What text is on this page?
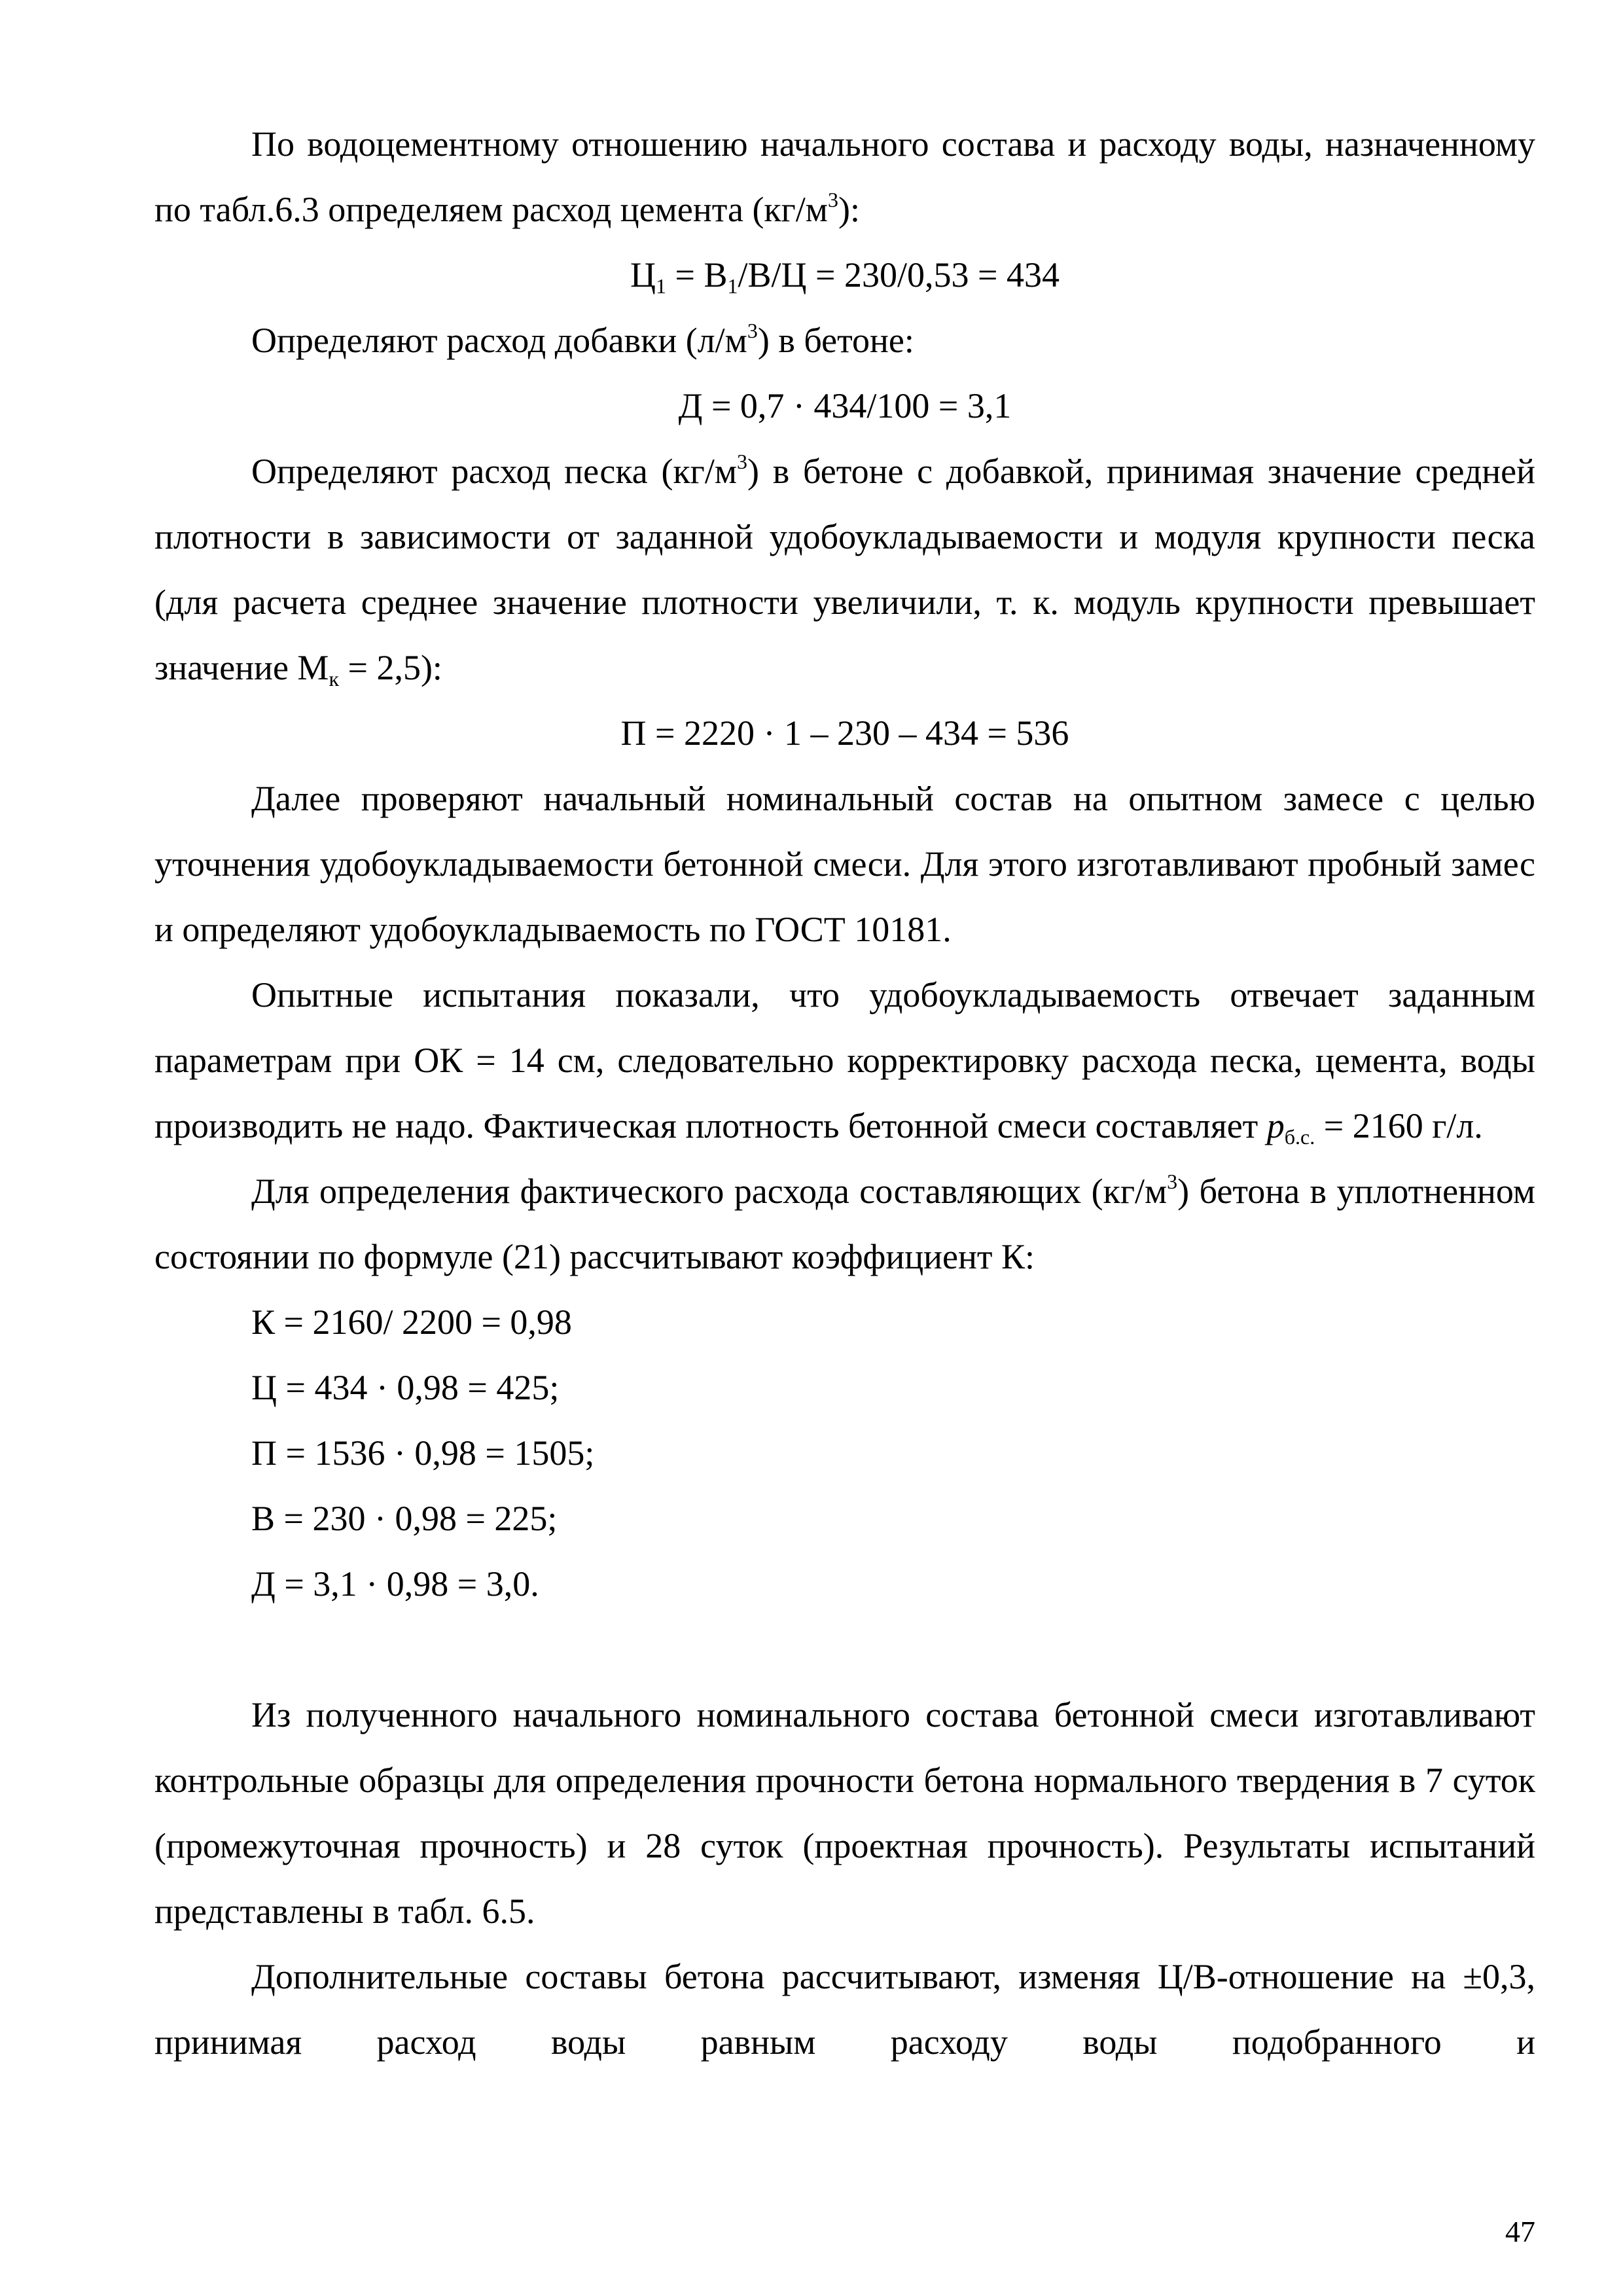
По водоцементному отношению начального состава и расходу воды, назначенному по табл.6.3 определяем расход цемента $(кг/м^3)$:

$Ц_1 = В_1/В/Ц = 230/0,53 = 434$

Определяют расход добавки $(л/м^3)$ в бетоне:

Д = 0,7 · 434/100 = 3,1

Определяют расход песка $(кг/м^3)$ в бетоне с добавкой, принимая значение средней плотности в зависимости от заданной удобоукладываемости и модуля крупности песка (для расчета среднее значение плотности увеличили, т. к. модуль крупности превышает значение $М_к = 2,5$):

П = 2220 · 1 – 230 – 434 = 536

Далее проверяют начальный номинальный состав на опытном замесе с целью уточнения удобоукладываемости бетонной смеси. Для этого изготавливают пробный замес и определяют удобоукладываемость по ГОСТ 10181.

Опытные испытания показали, что удобоукладываемость отвечает заданным параметрам при ОК = 14 см, следовательно корректировку расхода песка, цемента, воды производить не надо. Фактическая плотность бетонной смеси составляет $р_{б.с.} = 2160$ г/л.

Для определения фактического расхода составляющих $(кг/м^3)$ бетона в уплотненном состоянии по формуле (21) рассчитывают коэффициент К:

К = 2160/ 2200 = 0,98

Ц = 434 · 0,98 = 425;

П = 1536 · 0,98 = 1505;

В = 230 · 0,98 = 225;

Д = 3,1 · 0,98 = 3,0.

Из полученного начального номинального состава бетонной смеси изготавливают контрольные образцы для определения прочности бетона нормального твердения в 7 суток (промежуточная прочность) и 28 суток (проектная прочность). Результаты испытаний представлены в табл. 6.5.

Дополнительные составы бетона рассчитывают, изменяя Ц/В-отношение на ±0,3, принимая расход воды равным расходу воды подобранного и

47
